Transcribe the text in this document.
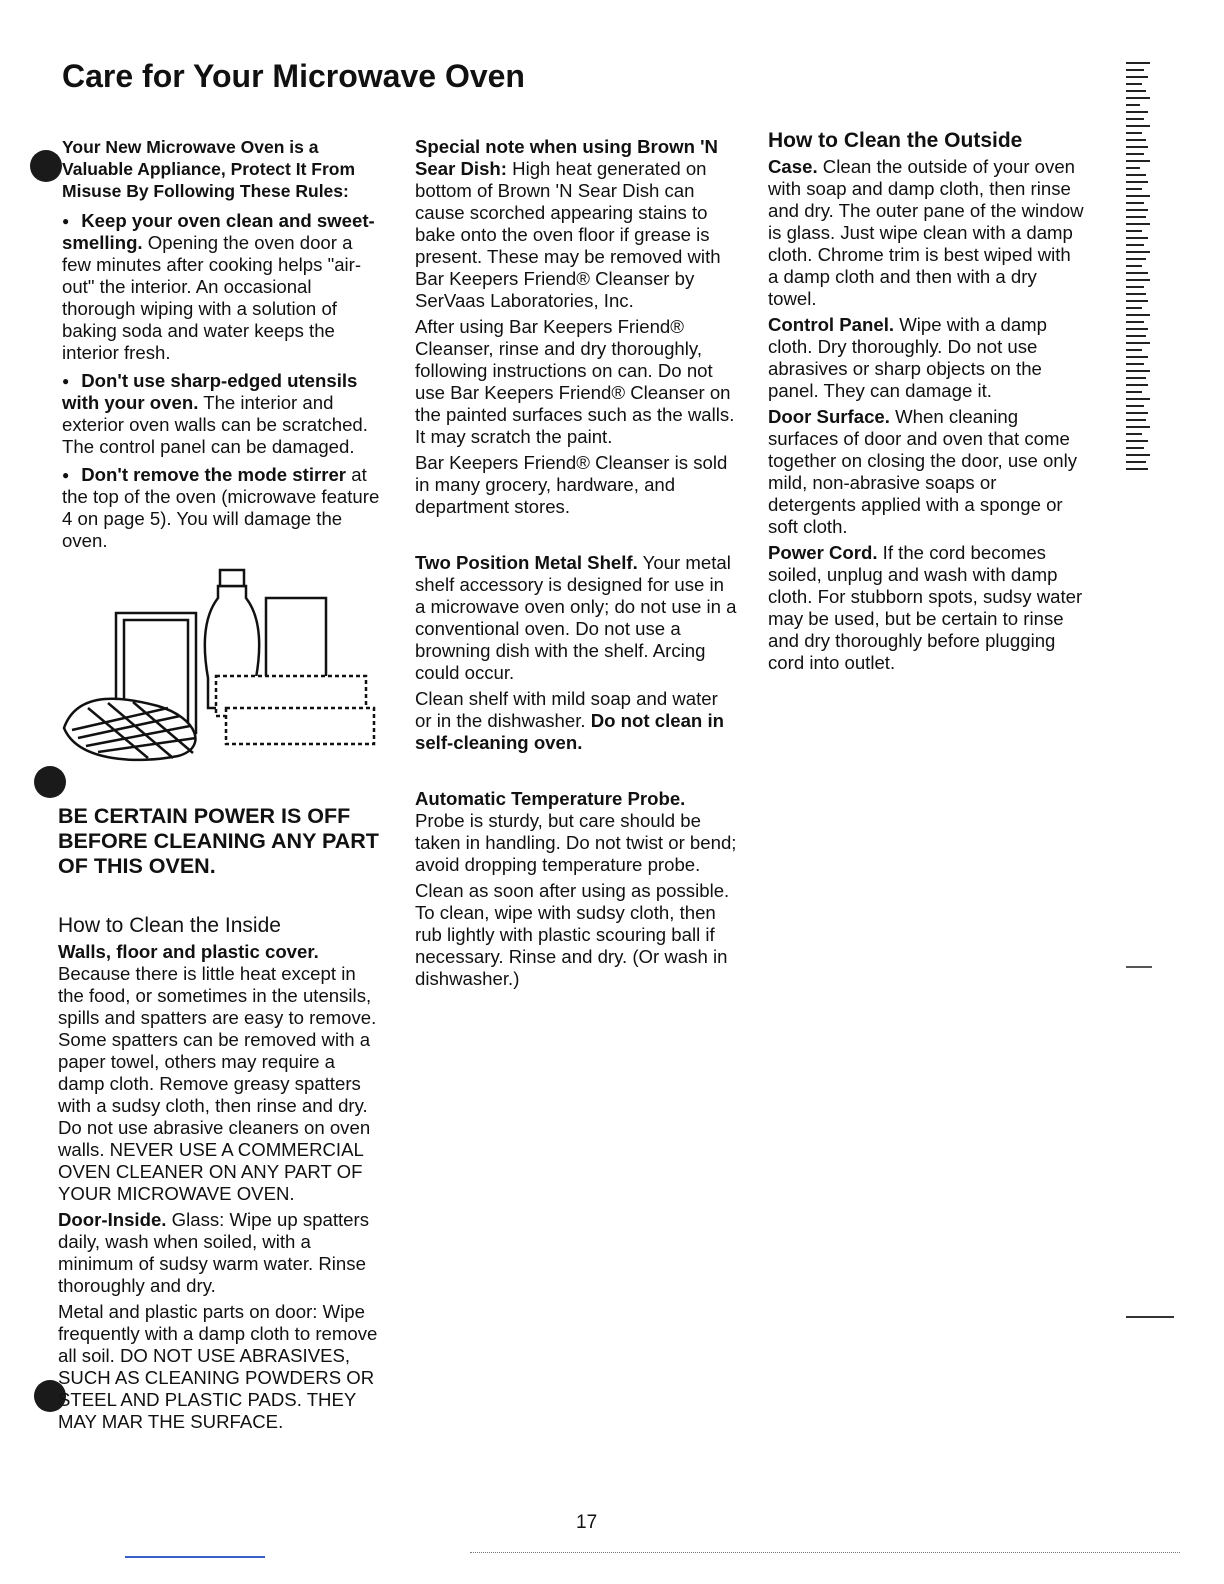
Care for Your Microwave Oven

Your New Microwave Oven is a Valuable Appliance, Protect It From Misuse By Following These Rules:

● Keep your oven clean and sweet-smelling. Opening the oven door a few minutes after cooking helps "air-out" the interior. An occasional thorough wiping with a solution of baking soda and water keeps the interior fresh.
● Don't use sharp-edged utensils with your oven. The interior and exterior oven walls can be scratched. The control panel can be damaged.
● Don't remove the mode stirrer at the top of the oven (microwave feature 4 on page 5). You will damage the oven.

BE CERTAIN POWER IS OFF BEFORE CLEANING ANY PART OF THIS OVEN.

How to Clean the Inside

Walls, floor and plastic cover. Because there is little heat except in the food, or sometimes in the utensils, spills and spatters are easy to remove. Some spatters can be removed with a paper towel, others may require a damp cloth. Remove greasy spatters with a sudsy cloth, then rinse and dry. Do not use abrasive cleaners on oven walls. NEVER USE A COMMERCIAL OVEN CLEANER ON ANY PART OF YOUR MICROWAVE OVEN.

Door-Inside. Glass: Wipe up spatters daily, wash when soiled, with a minimum of sudsy warm water. Rinse thoroughly and dry.

Metal and plastic parts on door: Wipe frequently with a damp cloth to remove all soil. DO NOT USE ABRASIVES, SUCH AS CLEANING POWDERS OR STEEL AND PLASTIC PADS. THEY MAY MAR THE SURFACE.

Special note when using Brown 'N Sear Dish: High heat generated on bottom of Brown 'N Sear Dish can cause scorched appearing stains to bake onto the oven floor if grease is present. These may be removed with Bar Keepers Friend® Cleanser by SerVaas Laboratories, Inc.

After using Bar Keepers Friend® Cleanser, rinse and dry thoroughly, following instructions on can. Do not use Bar Keepers Friend® Cleanser on the painted surfaces such as the walls. It may scratch the paint.

Bar Keepers Friend® Cleanser is sold in many grocery, hardware, and department stores.

Two Position Metal Shelf. Your metal shelf accessory is designed for use in a microwave oven only; do not use in a conventional oven. Do not use a browning dish with the shelf. Arcing could occur.

Clean shelf with mild soap and water or in the dishwasher. Do not clean in self-cleaning oven.

Automatic Temperature Probe.

Probe is sturdy, but care should be taken in handling. Do not twist or bend; avoid dropping temperature probe.

Clean as soon after using as possible. To clean, wipe with sudsy cloth, then rub lightly with plastic scouring ball if necessary. Rinse and dry. (Or wash in dishwasher.)

How to Clean the Outside

Case. Clean the outside of your oven with soap and damp cloth, then rinse and dry. The outer pane of the window is glass. Just wipe clean with a damp cloth. Chrome trim is best wiped with a damp cloth and then with a dry towel.

Control Panel. Wipe with a damp cloth. Dry thoroughly. Do not use abrasives or sharp objects on the panel. They can damage it.

Door Surface. When cleaning surfaces of door and oven that come together on closing the door, use only mild, non-abrasive soaps or detergents applied with a sponge or soft cloth.

Power Cord. If the cord becomes soiled, unplug and wash with damp cloth. For stubborn spots, sudsy water may be used, but be certain to rinse and dry thoroughly before plugging cord into outlet.

17
